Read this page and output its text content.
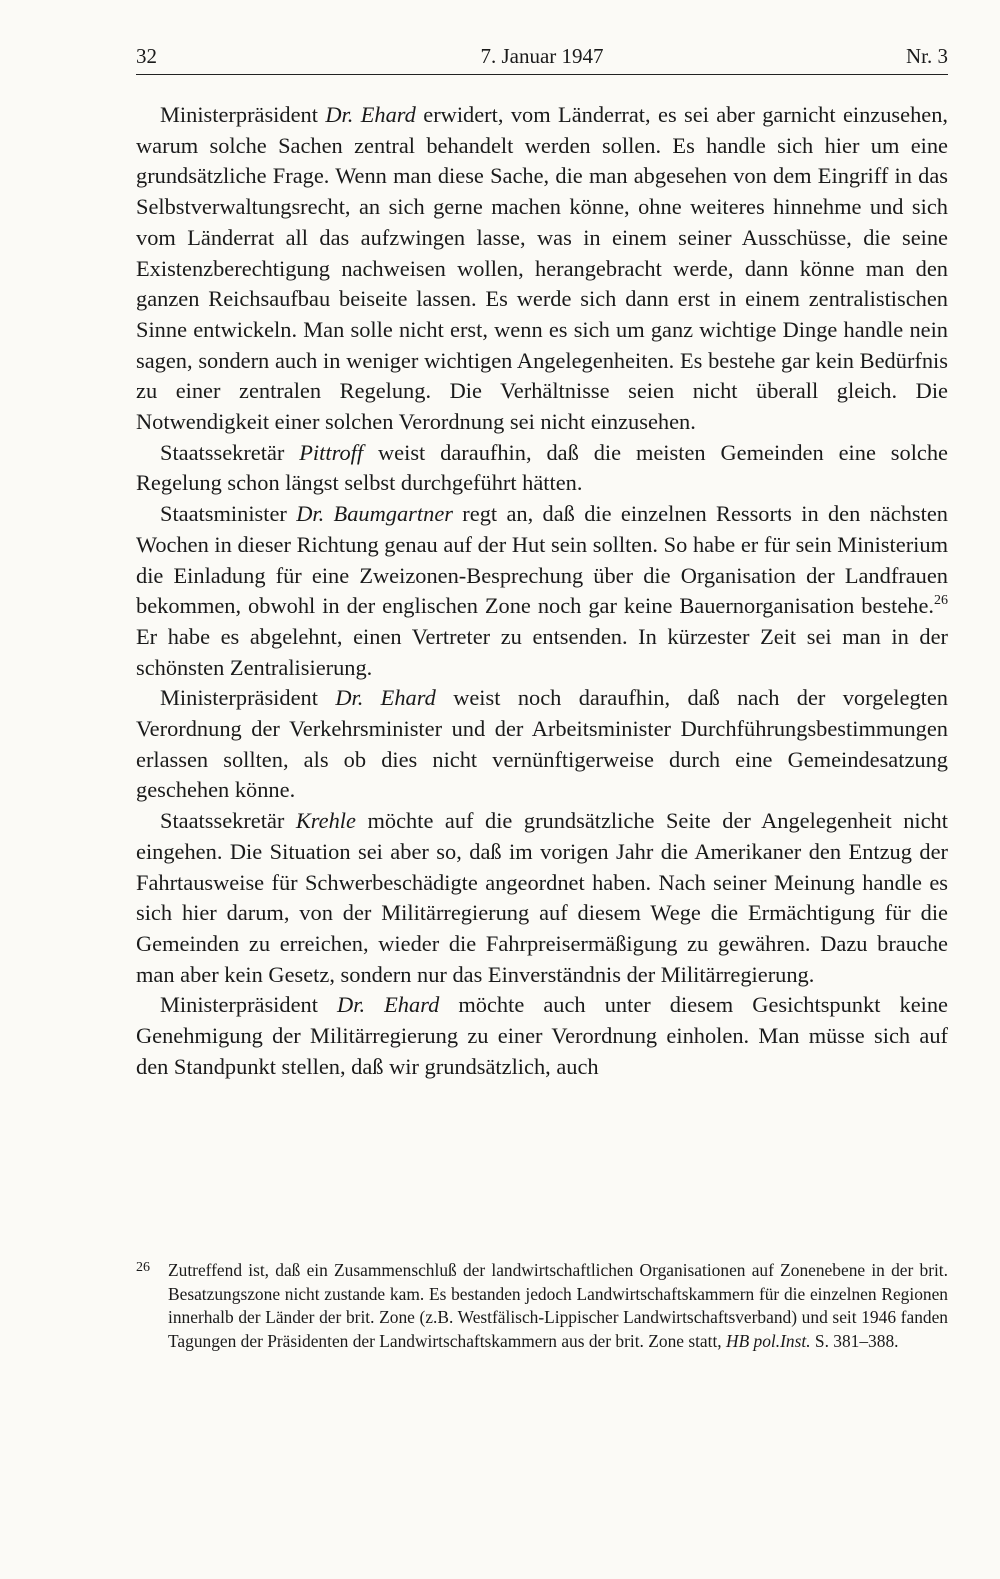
32	7. Januar 1947	Nr. 3

Ministerpräsident Dr. Ehard erwidert, vom Länderrat, es sei aber garnicht einzusehen, warum solche Sachen zentral behandelt werden sollen. Es handle sich hier um eine grundsätzliche Frage. Wenn man diese Sache, die man abgesehen von dem Eingriff in das Selbstverwaltungsrecht, an sich gerne machen könne, ohne weiteres hinnehme und sich vom Länderrat all das aufzwingen lasse, was in einem seiner Ausschüsse, die seine Existenzberechtigung nachweisen wollen, herangebracht werde, dann könne man den ganzen Reichsaufbau beiseite lassen. Es werde sich dann erst in einem zentralistischen Sinne entwickeln. Man solle nicht erst, wenn es sich um ganz wichtige Dinge handle nein sagen, sondern auch in weniger wichtigen Angelegenheiten. Es bestehe gar kein Bedürfnis zu einer zentralen Regelung. Die Verhältnisse seien nicht überall gleich. Die Notwendigkeit einer solchen Verordnung sei nicht einzusehen.

Staatssekretär Pittroff weist daraufhin, daß die meisten Gemeinden eine solche Regelung schon längst selbst durchgeführt hätten.

Staatsminister Dr. Baumgartner regt an, daß die einzelnen Ressorts in den nächsten Wochen in dieser Richtung genau auf der Hut sein sollten. So habe er für sein Ministerium die Einladung für eine Zweizonen-Besprechung über die Organisation der Landfrauen bekommen, obwohl in der englischen Zone noch gar keine Bauernorganisation bestehe.$^{26}$ Er habe es abgelehnt, einen Vertreter zu entsenden. In kürzester Zeit sei man in der schönsten Zentralisierung.

Ministerpräsident Dr. Ehard weist noch daraufhin, daß nach der vorgelegten Verordnung der Verkehrsminister und der Arbeitsminister Durchführungsbestimmungen erlassen sollten, als ob dies nicht vernünftigerweise durch eine Gemeindesatzung geschehen könne.

Staatssekretär Krehle möchte auf die grundsätzliche Seite der Angelegenheit nicht eingehen. Die Situation sei aber so, daß im vorigen Jahr die Amerikaner den Entzug der Fahrtausweise für Schwerbeschädigte angeordnet haben. Nach seiner Meinung handle es sich hier darum, von der Militärregierung auf diesem Wege die Ermächtigung für die Gemeinden zu erreichen, wieder die Fahrpreisermäßigung zu gewähren. Dazu brauche man aber kein Gesetz, sondern nur das Einverständnis der Militärregierung.

Ministerpräsident Dr. Ehard möchte auch unter diesem Gesichtspunkt keine Genehmigung der Militärregierung zu einer Verordnung einholen. Man müsse sich auf den Standpunkt stellen, daß wir grundsätzlich, auch

26 Zutreffend ist, daß ein Zusammenschluß der landwirtschaftlichen Organisationen auf Zonenebene in der brit. Besatzungszone nicht zustande kam. Es bestanden jedoch Landwirtschaftskammern für die einzelnen Regionen innerhalb der Länder der brit. Zone (z.B. Westfälisch-Lippischer Landwirtschaftsverband) und seit 1946 fanden Tagungen der Präsidenten der Landwirtschaftskammern aus der brit. Zone statt, HB pol.Inst. S. 381–388.
